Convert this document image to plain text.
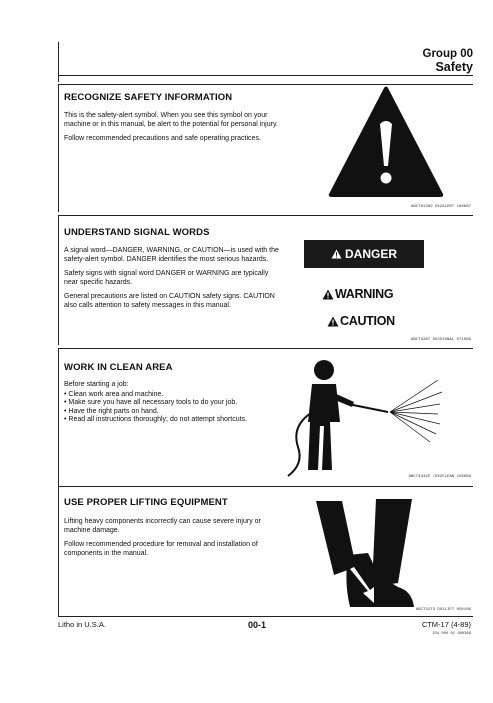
Group 00
Safety
RECOGNIZE SAFETY INFORMATION

This is the safety-alert symbol. When you see this symbol on your machine or in this manual, be alert to the potential for personal injury.

Follow recommended precautions and safe operating practices.

ABCT81389 DX2ALERT 160687
UNDERSTAND SIGNAL WORDS

A signal word—DANGER, WARNING, or CAUTION—is used with the safety-alert symbol. DANGER identifies the most serious hazards.

Safety signs with signal word DANGER or WARNING are typically near specific hazards.

General precautions are listed on CAUTION safety signs. CAUTION also calls attention to safety messages in this manual.

DANGER
WARNING
CAUTION
ABCT3287 DX2SIGNAL 071089
WORK IN CLEAN AREA
Before starting a job:
• Clean work area and machine.
• Make sure you have all necessary tools to do your job.
• Have the right parts on hand.
• Read all instructions thoroughly; do not attempt shortcuts.
ABCT4442E /DX2CLEAN 150689
USE PROPER LIFTING EQUIPMENT

Lifting heavy components incorrectly can cause severe injury or machine damage.

Follow recommended procedure for removal and installation of components in the manual.

ABCT3273 DX2LIFT 050189
Litho in U.S.A.	00-1	CTM-17 (4-89)
JD4 000 01 080389
